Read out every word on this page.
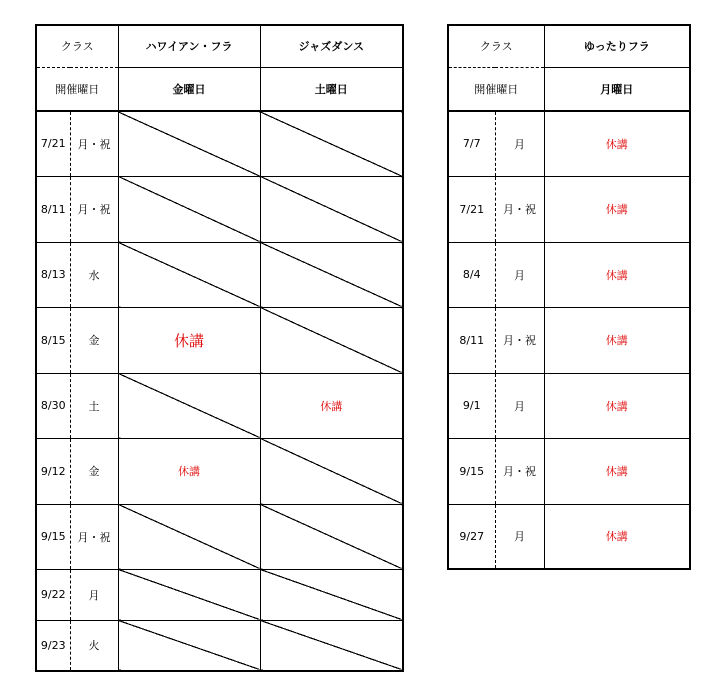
クラス		ハワイアン・フラ	ジャズダンス
開催曜日		金曜日	土曜日
7/21	月・祝		
8/11	月・祝		
8/13	水		
8/15	金	休講	
8/30	土		休講
9/12	金	休講	
9/15	月・祝		
9/22	月		
9/23	火		
クラス		ゆったりフラ
開催曜日		月曜日
7/7	月	休講
7/21	月・祝	休講
8/4	月	休講
8/11	月・祝	休講
9/1	月	休講
9/15	月・祝	休講
9/27	月	休講
